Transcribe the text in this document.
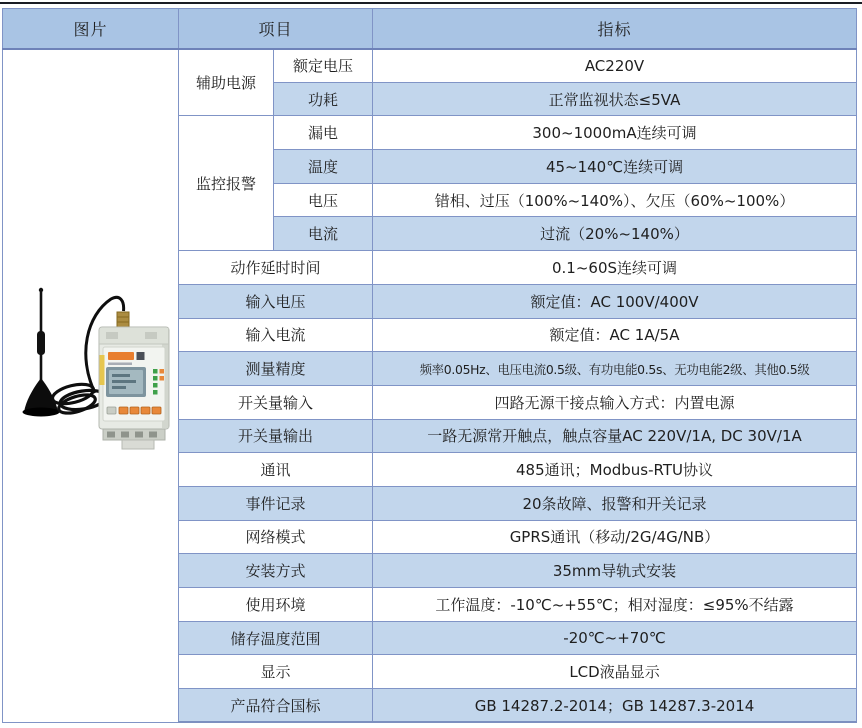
图片	项目		指标

	辅助电源	额定电压	AC220V
		功耗	正常监视状态≤5VA
	监控报警	漏电	300~1000mA连续可调
		温度	45~140℃连续可调
		电压	错相、过压（100%~140%）、欠压（60%~100%）
		电流	过流（20%~140%）
	动作延时时间		0.1~60S连续可调
	输入电压		额定值：AC 100V/400V
	输入电流		额定值：AC 1A/5A
	测量精度		频率0.05Hz、电压电流0.5级、有功电能0.5s、无功电能2级、其他0.5级
	开关量输入		四路无源干接点输入方式：内置电源
	开关量输出		一路无源常开触点，触点容量AC 220V/1A, DC 30V/1A
	通讯		485通讯；Modbus-RTU协议
	事件记录		20条故障、报警和开关记录
	网络模式		GPRS通讯（移动/2G/4G/NB）
	安装方式		35mm导轨式安装
	使用环境		工作温度：-10℃~+55℃；相对湿度：≤95%不结露
	储存温度范围		-20℃~+70℃
	显示		LCD液晶显示
	产品符合国标		GB 14287.2-2014；GB 14287.3-2014
